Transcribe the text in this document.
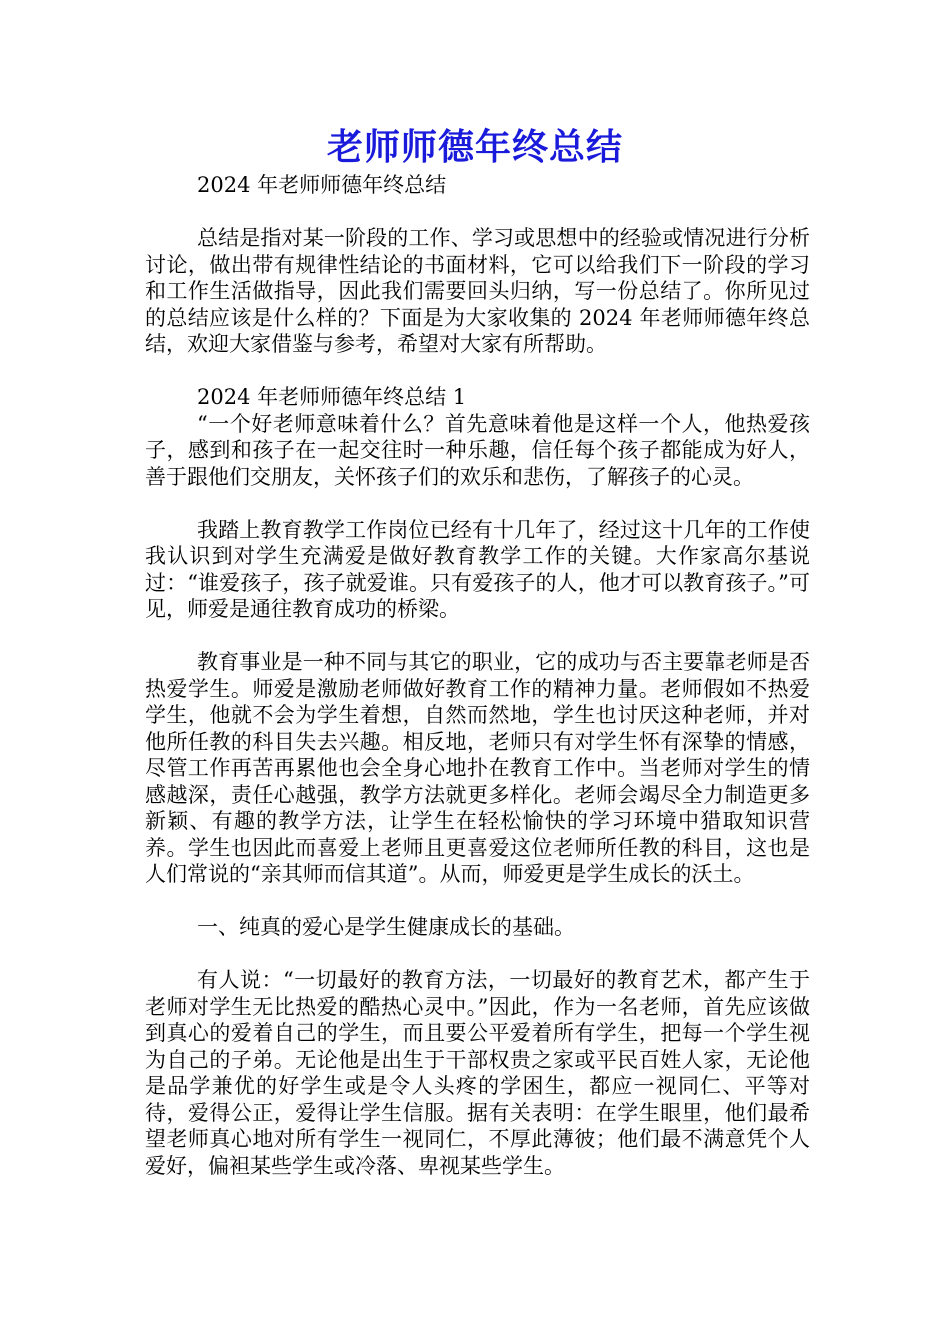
老师师德年终总结

2024 年老师师德年终总结

总结是指对某一阶段的工作、学习或思想中的经验或情况进行分析讨论，做出带有规律性结论的书面材料，它可以给我们下一阶段的学习和工作生活做指导，因此我们需要回头归纳，写一份总结了。你所见过的总结应该是什么样的？下面是为大家收集的 2024 年老师师德年终总结，欢迎大家借鉴与参考，希望对大家有所帮助。

2024 年老师师德年终总结 1

“一个好老师意味着什么？首先意味着他是这样一个人，他热爱孩子，感到和孩子在一起交往时一种乐趣，信任每个孩子都能成为好人，善于跟他们交朋友，关怀孩子们的欢乐和悲伤，了解孩子的心灵。

我踏上教育教学工作岗位已经有十几年了，经过这十几年的工作使我认识到对学生充满爱是做好教育教学工作的关键。大作家高尔基说过：“谁爱孩子，孩子就爱谁。只有爱孩子的人，他才可以教育孩子。”可见，师爱是通往教育成功的桥梁。

教育事业是一种不同与其它的职业，它的成功与否主要靠老师是否热爱学生。师爱是激励老师做好教育工作的精神力量。老师假如不热爱学生，他就不会为学生着想，自然而然地，学生也讨厌这种老师，并对他所任教的科目失去兴趣。相反地，老师只有对学生怀有深挚的情感，尽管工作再苦再累他也会全身心地扑在教育工作中。当老师对学生的情感越深，责任心越强，教学方法就更多样化。老师会竭尽全力制造更多新颖、有趣的教学方法，让学生在轻松愉快的学习环境中猎取知识营养。学生也因此而喜爱上老师且更喜爱这位老师所任教的科目，这也是人们常说的“亲其师而信其道”。从而，师爱更是学生成长的沃土。

一、纯真的爱心是学生健康成长的基础。

有人说：“一切最好的教育方法，一切最好的教育艺术，都产生于老师对学生无比热爱的酷热心灵中。”因此，作为一名老师，首先应该做到真心的爱着自己的学生，而且要公平爱着所有学生，把每一个学生视为自己的子弟。无论他是出生于干部权贵之家或平民百姓人家，无论他是品学兼优的好学生或是令人头疼的学困生，都应一视同仁、平等对待，爱得公正，爱得让学生信服。据有关表明：在学生眼里，他们最希望老师真心地对所有学生一视同仁，不厚此薄彼；他们最不满意凭个人爱好，偏袒某些学生或冷落、卑视某些学生。
